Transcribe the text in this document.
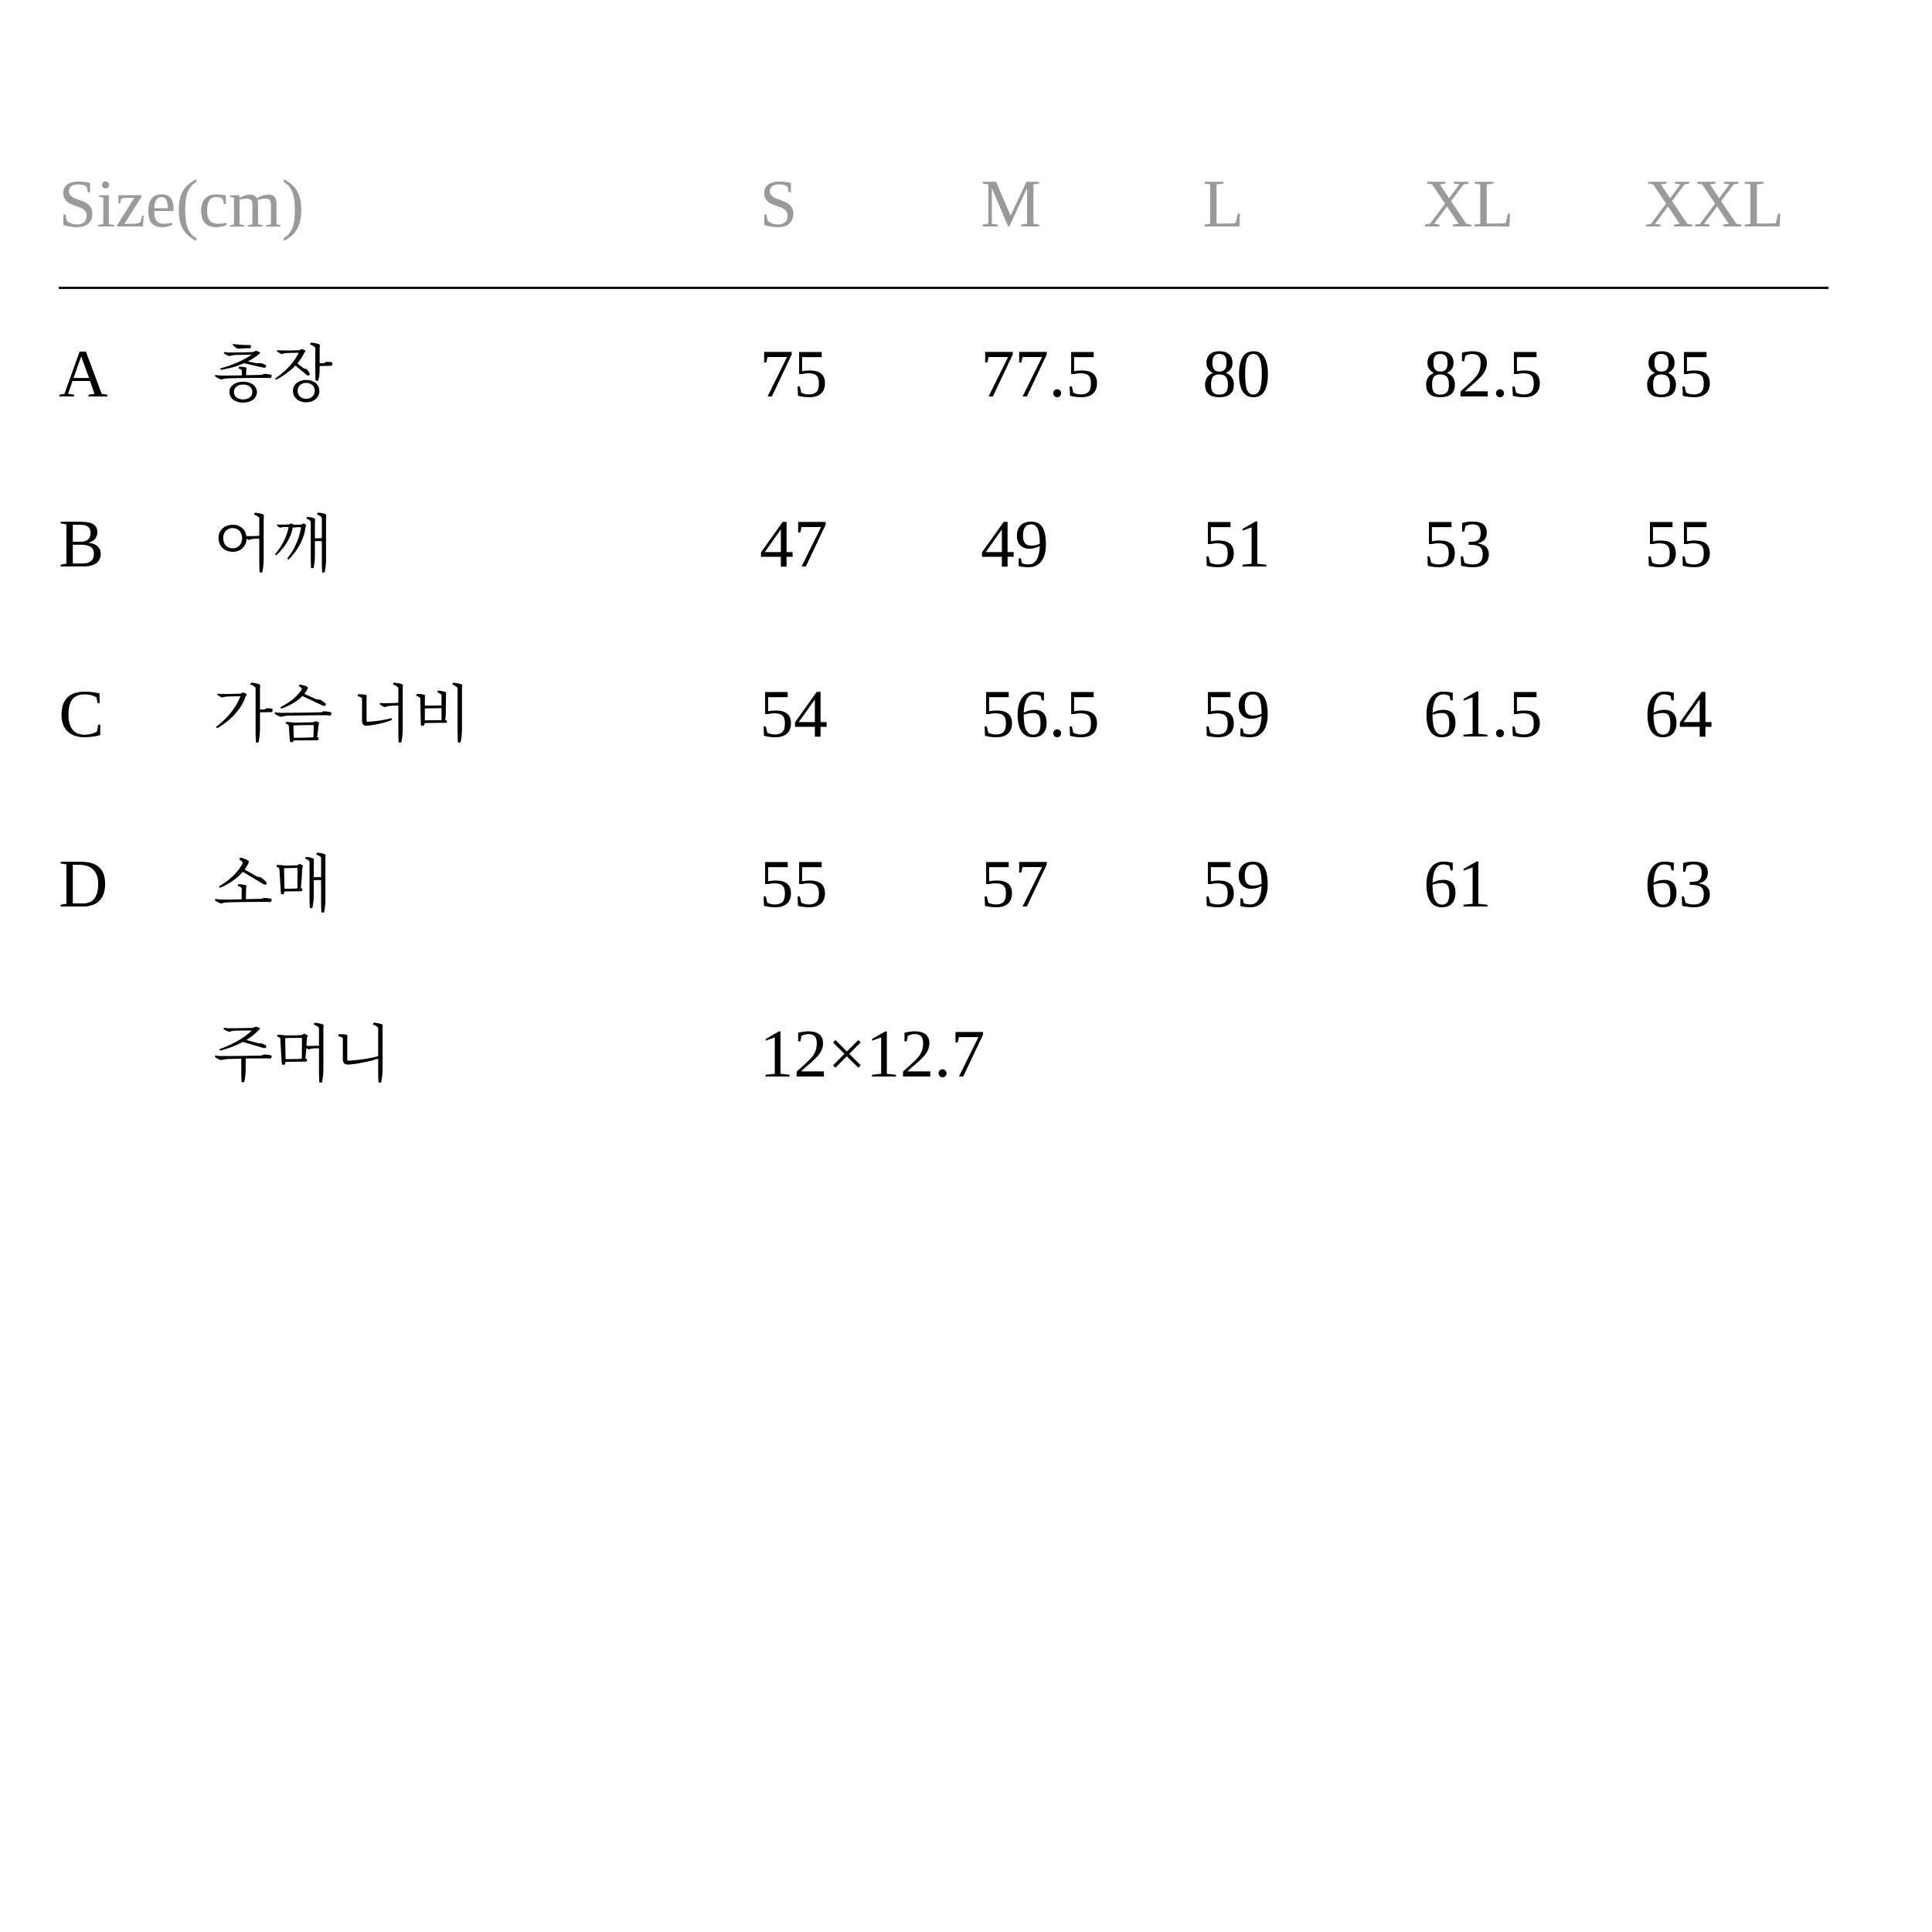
Size(cm)	S	M L	XL XXL
A 총장	75 77.5 80 82.5 85
B 어깨	47 49 51 53 55
C 가슴 너비	54 56.5 59 61.5 64
D 소매	55 57 59 61 63
주머니	12×12.7
